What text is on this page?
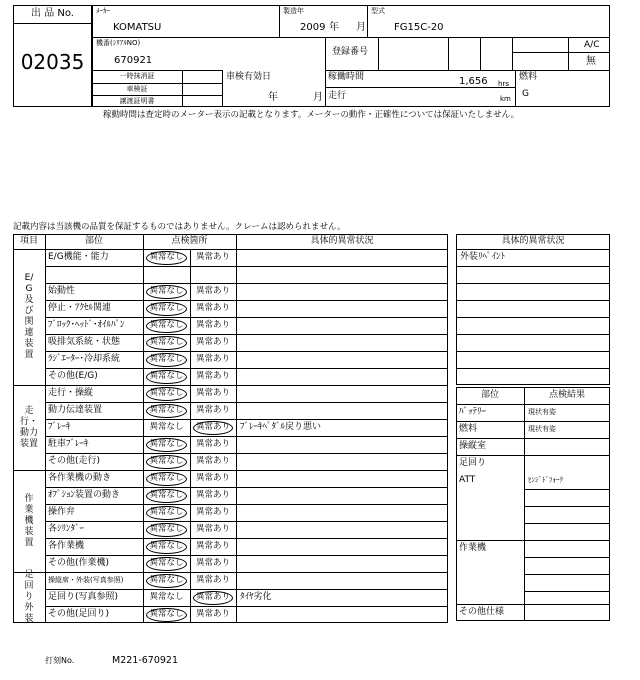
出 品 No.
02035
ﾒｰｶｰ
KOMATSU
製造年
2009 年 月
型式
FG15C-20
機番(ｼﾘｱﾙNO)
670921
登録番号
A/C
無
一時抹消証
車検証
譲渡証明書
車検有効日
年	月
稼働時間	1,656 hrs
走行	km
燃料
G
稼動時間は査定時のメーター表示の記載となります。メーターの動作・正確性については保証いたしません。
記載内容は当該機の品質を保証するものではありません。クレームは認められません。
項目	部位	点検箇所	具体的異常状況
E/G機能・能力	異常なし	異常あり
始動性	異常なし	異常あり
停止・ｱｸｾﾙ関連	異常なし	異常あり
ﾌﾞﾛｯｸ･ﾍｯﾄﾞ･ｵｲﾙﾊﾟﾝ	異常なし	異常あり
吸排気系統・状態	異常なし	異常あり
ﾗｼﾞｴｰﾀｰ･冷却系統	異常なし	異常あり
その他(E/G)	異常なし	異常あり
E/G及び関連装置
走行・操縦	異常なし	異常あり
動力伝達装置	異常なし	異常あり
ﾌﾞﾚｰｷ	異常なし	異常あり	ﾌﾞﾚｰｷﾍﾟﾀﾞﾙ戻り悪い
駐車ﾌﾞﾚｰｷ	異常なし	異常あり
その他(走行)	異常なし	異常あり
走行・動力装置
各作業機の動き	異常なし	異常あり
ｵﾌﾟｼｮﾝ装置の動き	異常なし	異常あり
操作弁	異常なし	異常あり
各ｼﾘﾝﾀﾞｰ	異常なし	異常あり
各作業機	異常なし	異常あり
その他(作業機)	異常なし	異常あり
作業機装置
操縦席・外装(写真参照)	異常なし	異常あり
足回り(写真参照)	異常なし	異常あり	ﾀｲﾔ劣化
その他(足回り)	異常なし	異常あり
足回り外装
具体的異常状況
外装ﾘﾍﾟｲﾝﾄ
部位	点検結果
ﾊﾞｯﾃﾘｰ	現状有姿
燃料	現状有姿
操縦室
足回り
ATT	ﾋﾝｼﾞﾄﾞﾌｫｰｸ
作業機
その他仕様
打刻No.	M221-670921
